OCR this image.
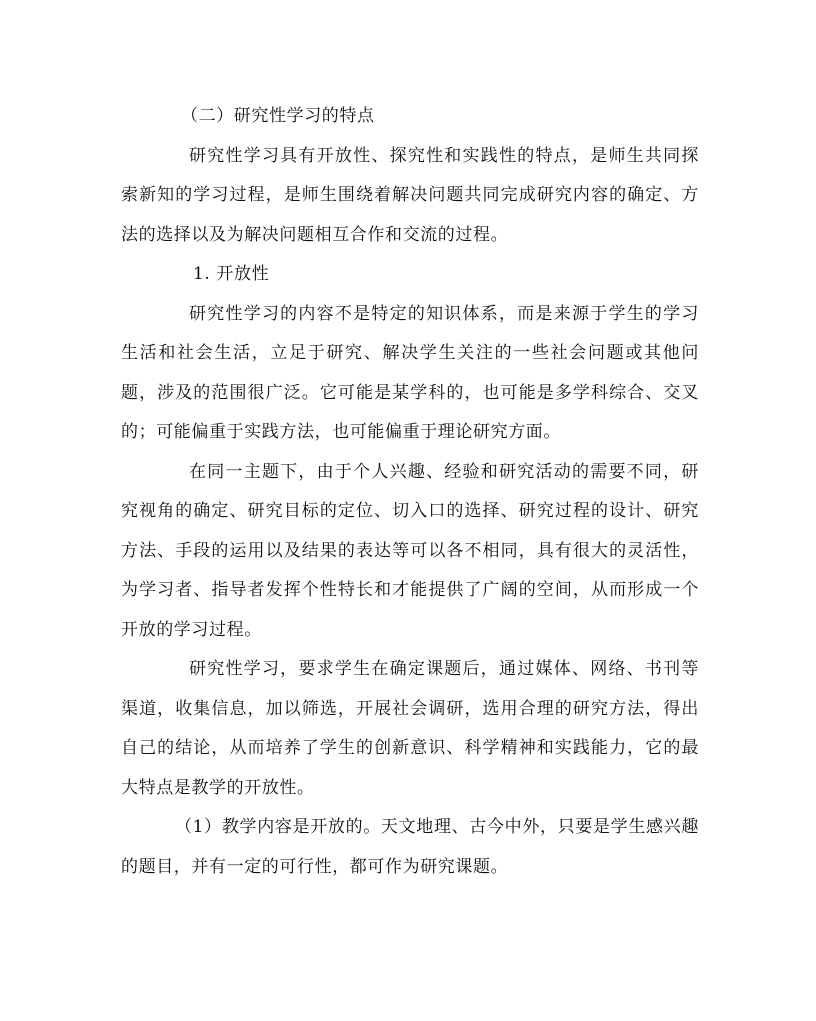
（二）研究性学习的特点

研究性学习具有开放性、探究性和实践性的特点，是师生共同探索新知的学习过程，是师生围绕着解决问题共同完成研究内容的确定、方法的选择以及为解决问题相互合作和交流的过程。

1. 开放性

研究性学习的内容不是特定的知识体系，而是来源于学生的学习生活和社会生活，立足于研究、解决学生关注的一些社会问题或其他问题，涉及的范围很广泛。它可能是某学科的，也可能是多学科综合、交叉的；可能偏重于实践方法，也可能偏重于理论研究方面。

在同一主题下，由于个人兴趣、经验和研究活动的需要不同，研究视角的确定、研究目标的定位、切入口的选择、研究过程的设计、研究方法、手段的运用以及结果的表达等可以各不相同，具有很大的灵活性，为学习者、指导者发挥个性特长和才能提供了广阔的空间，从而形成一个开放的学习过程。

研究性学习，要求学生在确定课题后，通过媒体、网络、书刊等渠道，收集信息，加以筛选，开展社会调研，选用合理的研究方法，得出自己的结论，从而培养了学生的创新意识、科学精神和实践能力，它的最大特点是教学的开放性。

（1）教学内容是开放的。天文地理、古今中外，只要是学生感兴趣的题目，并有一定的可行性，都可作为研究课题。
